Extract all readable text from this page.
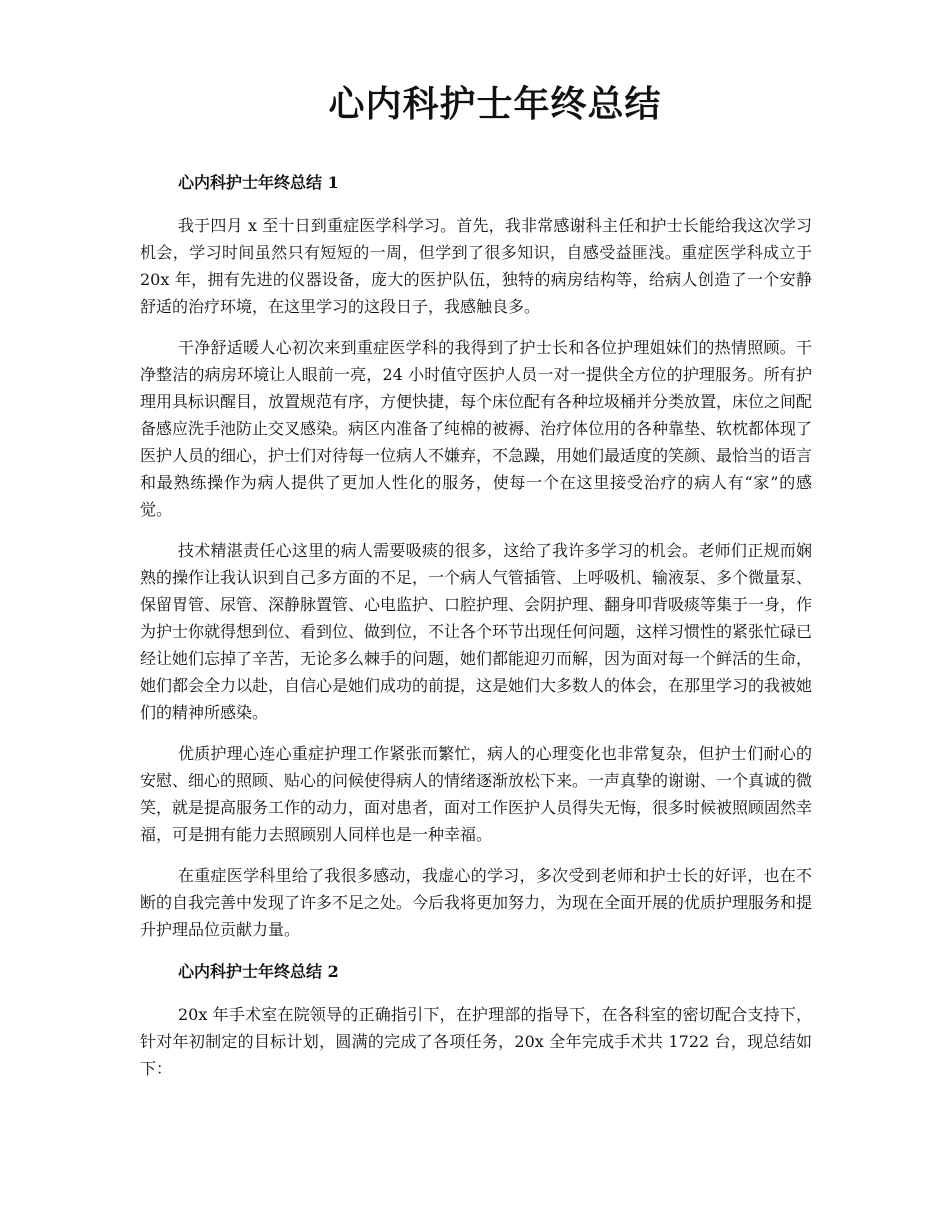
心内科护士年终总结
心内科护士年终总结 1

我于四月 x 至十日到重症医学科学习。首先，我非常感谢科主任和护士长能给我这次学习机会，学习时间虽然只有短短的一周，但学到了很多知识，自感受益匪浅。重症医学科成立于 20x 年，拥有先进的仪器设备，庞大的医护队伍，独特的病房结构等，给病人创造了一个安静舒适的治疗环境，在这里学习的这段日子，我感触良多。

干净舒适暖人心初次来到重症医学科的我得到了护士长和各位护理姐妹们的热情照顾。干净整洁的病房环境让人眼前一亮，24 小时值守医护人员一对一提供全方位的护理服务。所有护理用具标识醒目，放置规范有序，方便快捷，每个床位配有各种垃圾桶并分类放置，床位之间配备感应洗手池防止交叉感染。病区内准备了纯棉的被褥、治疗体位用的各种靠垫、软枕都体现了医护人员的细心，护士们对待每一位病人不嫌弃，不急躁，用她们最适度的笑颜、最恰当的语言和最熟练操作为病人提供了更加人性化的服务，使每一个在这里接受治疗的病人有“家”的感觉。

技术精湛责任心这里的病人需要吸痰的很多，这给了我许多学习的机会。老师们正规而娴熟的操作让我认识到自己多方面的不足，一个病人气管插管、上呼吸机、输液泵、多个微量泵、保留胃管、尿管、深静脉置管、心电监护、口腔护理、会阴护理、翻身叩背吸痰等集于一身，作为护士你就得想到位、看到位、做到位，不让各个环节出现任何问题，这样习惯性的紧张忙碌已经让她们忘掉了辛苦，无论多么棘手的问题，她们都能迎刃而解，因为面对每一个鲜活的生命，她们都会全力以赴，自信心是她们成功的前提，这是她们大多数人的体会，在那里学习的我被她们的精神所感染。

优质护理心连心重症护理工作紧张而繁忙，病人的心理变化也非常复杂，但护士们耐心的安慰、细心的照顾、贴心的问候使得病人的情绪逐渐放松下来。一声真挚的谢谢、一个真诚的微笑，就是提高服务工作的动力，面对患者，面对工作医护人员得失无悔，很多时候被照顾固然幸福，可是拥有能力去照顾别人同样也是一种幸福。

在重症医学科里给了我很多感动，我虚心的学习，多次受到老师和护士长的好评，也在不断的自我完善中发现了许多不足之处。今后我将更加努力，为现在全面开展的优质护理服务和提升护理品位贡献力量。

心内科护士年终总结 2

20x 年手术室在院领导的正确指引下，在护理部的指导下，在各科室的密切配合支持下，针对年初制定的目标计划，圆满的完成了各项任务，20x 全年完成手术共 1722 台，现总结如下：
